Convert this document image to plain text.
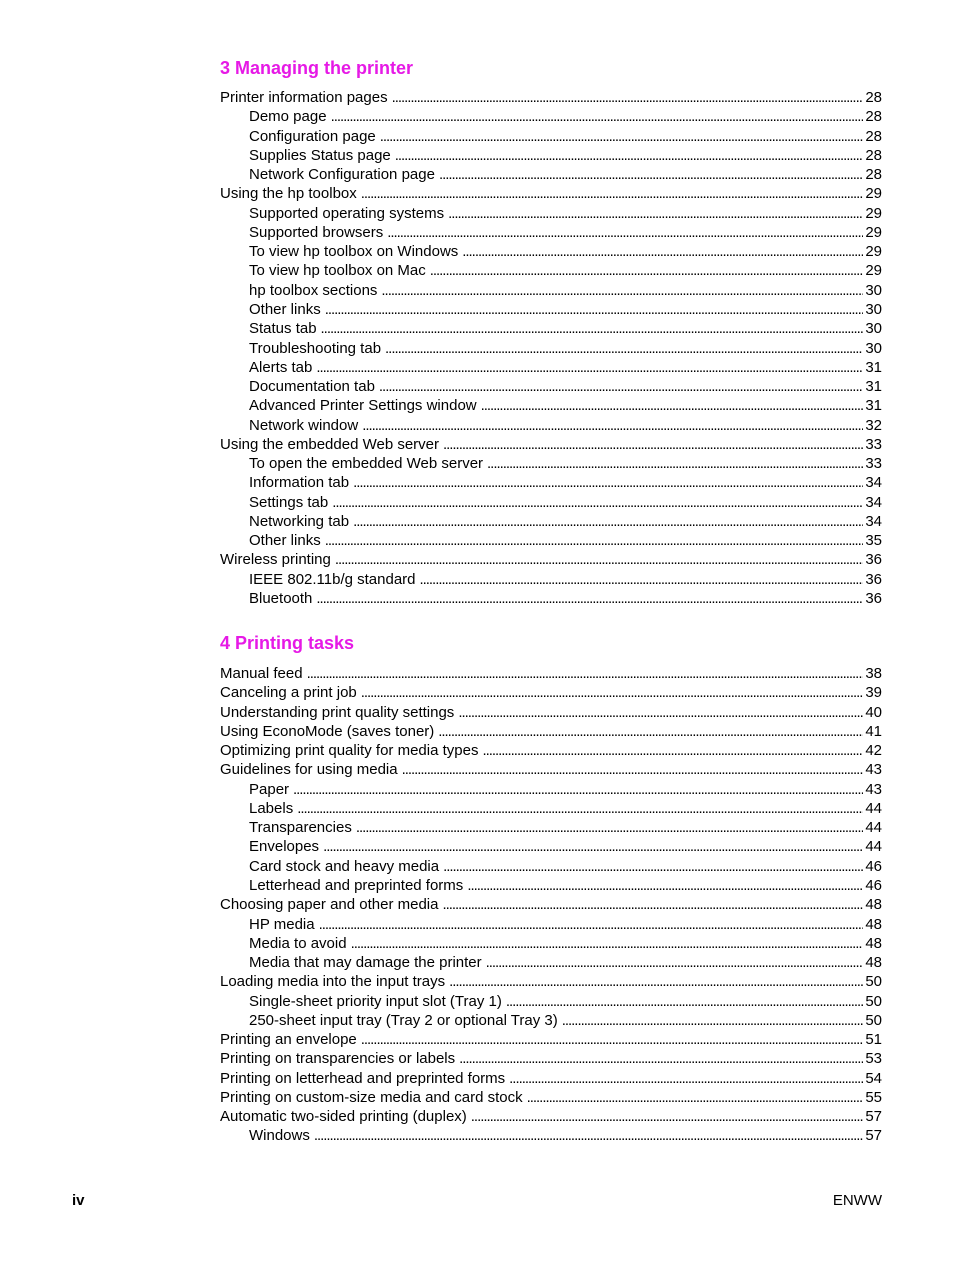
3 Managing the printer
Printer information pages . . .	28
Demo page . . .	28
Configuration page . . .	28
Supplies Status page . . .	28
Network Configuration page . . .	28
Using the hp toolbox . . .	29
Supported operating systems . . .	29
Supported browsers . . .	29
To view hp toolbox on Windows . . .	29
To view hp toolbox on Mac . . .	29
hp toolbox sections . . .	30
Other links . . .	30
Status tab . . .	30
Troubleshooting tab . . .	30
Alerts tab . . .	31
Documentation tab . . .	31
Advanced Printer Settings window . . .	31
Network window . . .	32
Using the embedded Web server . . .	33
To open the embedded Web server . . .	33
Information tab . . .	34
Settings tab . . .	34
Networking tab . . .	34
Other links . . .	35
Wireless printing . . .	36
IEEE 802.11b/g standard . . .	36
Bluetooth . . .	36
4 Printing tasks
Manual feed . . .	38
Canceling a print job . . .	39
Understanding print quality settings . . .	40
Using EconoMode (saves toner) . . .	41
Optimizing print quality for media types . . .	42
Guidelines for using media . . .	43
Paper . . .	43
Labels . . .	44
Transparencies . . .	44
Envelopes . . .	44
Card stock and heavy media . . .	46
Letterhead and preprinted forms . . .	46
Choosing paper and other media . . .	48
HP media . . .	48
Media to avoid . . .	48
Media that may damage the printer . . .	48
Loading media into the input trays . . .	50
Single-sheet priority input slot (Tray 1) . . .	50
250-sheet input tray (Tray 2 or optional Tray 3) . . .	50
Printing an envelope . . .	51
Printing on transparencies or labels . . .	53
Printing on letterhead and preprinted forms . . .	54
Printing on custom-size media and card stock . . .	55
Automatic two-sided printing (duplex) . . .	57
Windows . . .	57
iv	ENWW
